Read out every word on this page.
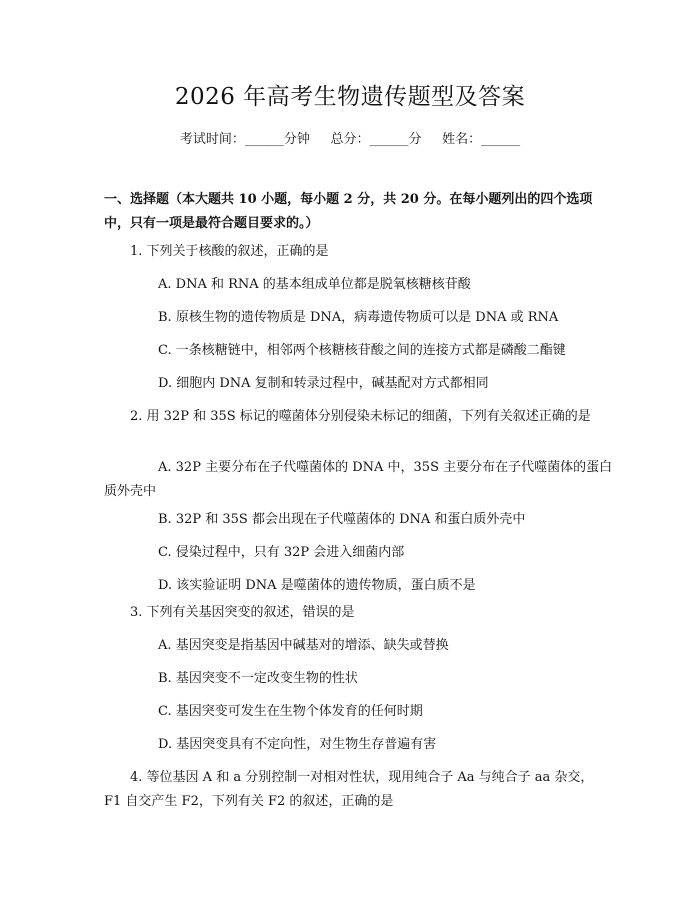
2026 年高考生物遗传题型及答案
考试时间：______分钟     总分：______分     姓名：______
一、选择题（本大题共 10 小题，每小题 2 分，共 20 分。在每小题列出的四个选项中，只有一项是最符合题目要求的。）
1. 下列关于核酸的叙述，正确的是
A. DNA 和 RNA 的基本组成单位都是脱氧核糖核苷酸
B. 原核生物的遗传物质是 DNA，病毒遗传物质可以是 DNA 或 RNA
C. 一条核糖链中，相邻两个核糖核苷酸之间的连接方式都是磷酸二酯键
D. 细胞内 DNA 复制和转录过程中，碱基配对方式都相同
2. 用 32P 和 35S 标记的噬菌体分别侵染未标记的细菌，下列有关叙述正确的是
A. 32P 主要分布在子代噬菌体的 DNA 中，35S 主要分布在子代噬菌体的蛋白质外壳中
B. 32P 和 35S 都会出现在子代噬菌体的 DNA 和蛋白质外壳中
C. 侵染过程中，只有 32P 会进入细菌内部
D. 该实验证明 DNA 是噬菌体的遗传物质，蛋白质不是
3. 下列有关基因突变的叙述，错误的是
A. 基因突变是指基因中碱基对的增添、缺失或替换
B. 基因突变不一定改变生物的性状
C. 基因突变可发生在生物个体发育的任何时期
D. 基因突变具有不定向性，对生物生存普遍有害
4. 等位基因 A 和 a 分别控制一对相对性状，现用纯合子 Aa 与纯合子 aa 杂交，F1 自交产生 F2，下列有关 F2 的叙述，正确的是
